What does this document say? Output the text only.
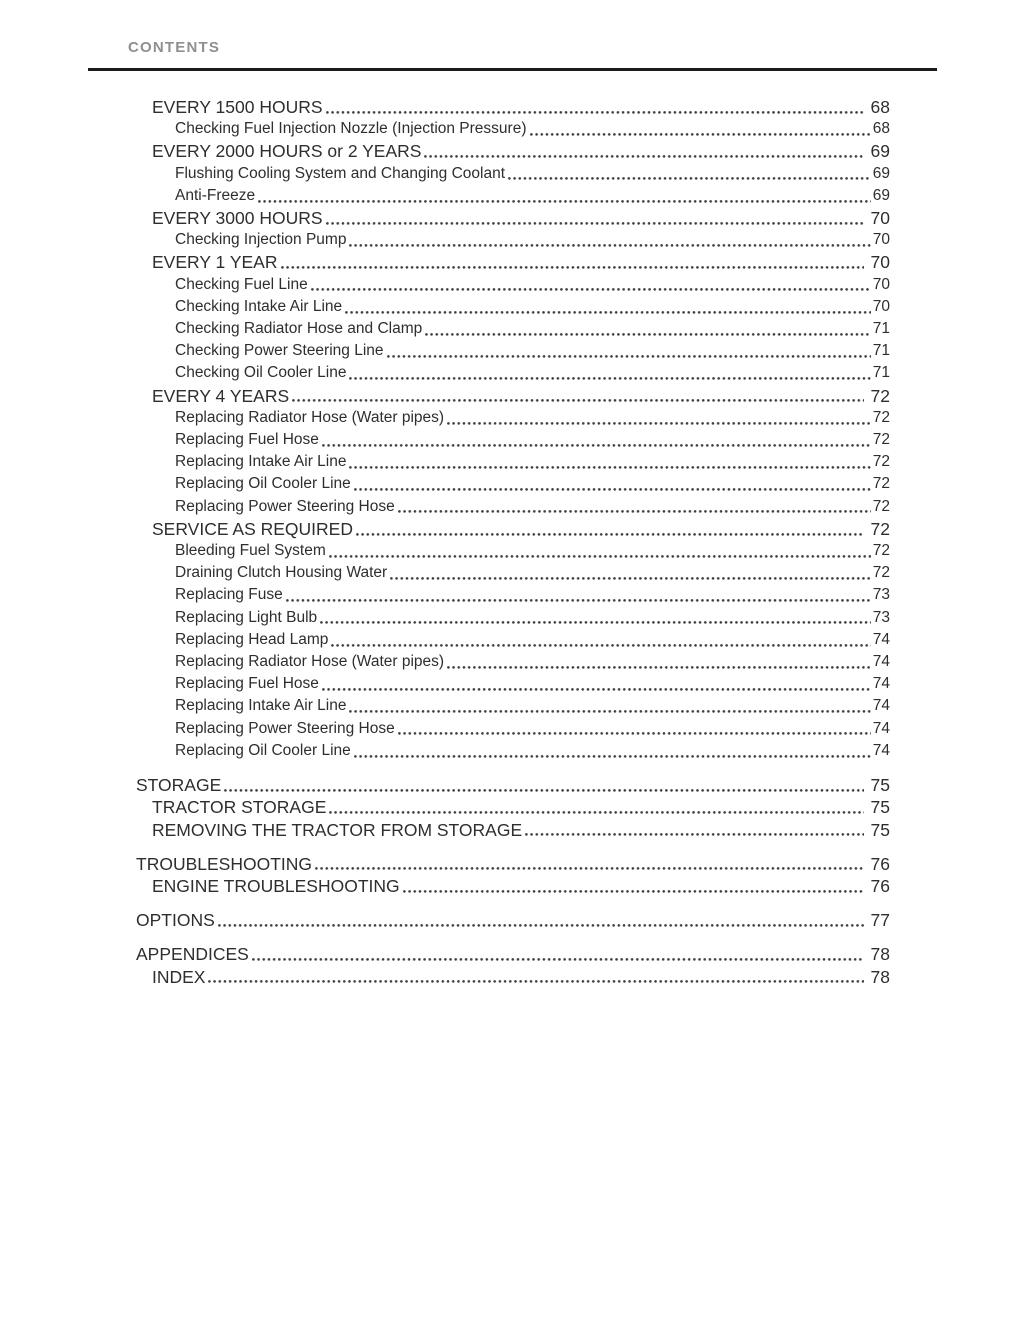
CONTENTS
EVERY 1500 HOURS	68
Checking Fuel Injection Nozzle (Injection Pressure)	68
EVERY 2000 HOURS or 2 YEARS	69
Flushing Cooling System and Changing Coolant	69
Anti-Freeze	69
EVERY 3000 HOURS	70
Checking Injection Pump	70
EVERY 1 YEAR	70
Checking Fuel Line	70
Checking Intake Air Line	70
Checking Radiator Hose and Clamp	71
Checking Power Steering Line	71
Checking Oil Cooler Line	71
EVERY 4 YEARS	72
Replacing Radiator Hose (Water pipes)	72
Replacing Fuel Hose	72
Replacing Intake Air Line	72
Replacing Oil Cooler Line	72
Replacing Power Steering Hose	72
SERVICE AS REQUIRED	72
Bleeding Fuel System	72
Draining Clutch Housing Water	72
Replacing Fuse	73
Replacing Light Bulb	73
Replacing Head Lamp	74
Replacing Radiator Hose (Water pipes)	74
Replacing Fuel Hose	74
Replacing Intake Air Line	74
Replacing Power Steering Hose	74
Replacing Oil Cooler Line	74
STORAGE	75
TRACTOR STORAGE	75
REMOVING THE TRACTOR FROM STORAGE	75
TROUBLESHOOTING	76
ENGINE TROUBLESHOOTING	76
OPTIONS	77
APPENDICES	78
INDEX	78
